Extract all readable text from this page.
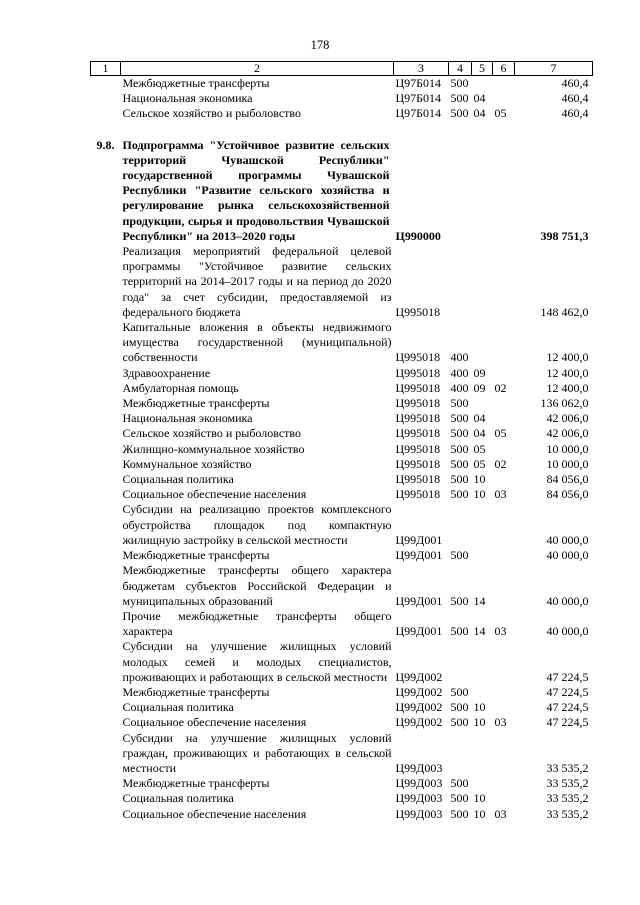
178
1	2	3	4	5	6	7
	Межбюджетные трансферты	Ц97Б014	500			460,4
	Национальная экономика	Ц97Б014	500	04		460,4
	Сельское хозяйство и рыболовство	Ц97Б014	500	04	05	460,4

9.8.	Подпрограмма "Устойчивое развитие сельских территорий Чувашской Республики" государственной программы Чувашской Республики "Развитие сельского хозяйства и регулирование рынка сельскохозяйственной продукции, сырья и продовольствия Чувашской Республики" на 2013–2020 годы	Ц990000				398 751,3
	Реализация мероприятий федеральной целевой программы "Устойчивое развитие сельских территорий на 2014–2017 годы и на период до 2020 года" за счет субсидии, предоставляемой из федерального бюджета	Ц995018				148 462,0
	Капитальные вложения в объекты недвижимого имущества государственной (муниципальной) собственности	Ц995018	400			12 400,0
	Здравоохранение	Ц995018	400	09		12 400,0
	Амбулаторная помощь	Ц995018	400	09	02	12 400,0
	Межбюджетные трансферты	Ц995018	500			136 062,0
	Национальная экономика	Ц995018	500	04		42 006,0
	Сельское хозяйство и рыболовство	Ц995018	500	04	05	42 006,0
	Жилищно-коммунальное хозяйство	Ц995018	500	05		10 000,0
	Коммунальное хозяйство	Ц995018	500	05	02	10 000,0
	Социальная политика	Ц995018	500	10		84 056,0
	Социальное обеспечение населения	Ц995018	500	10	03	84 056,0
	Субсидии на реализацию проектов комплексного обустройства площадок под компактную жилищную застройку в сельской местности	Ц99Д001				40 000,0
	Межбюджетные трансферты	Ц99Д001	500			40 000,0
	Межбюджетные трансферты общего характера бюджетам субъектов Российской Федерации и муниципальных образований	Ц99Д001	500	14		40 000,0
	Прочие межбюджетные трансферты общего характера	Ц99Д001	500	14	03	40 000,0
	Субсидии на улучшение жилищных условий молодых семей и молодых специалистов, проживающих и работающих в сельской местности	Ц99Д002				47 224,5
	Межбюджетные трансферты	Ц99Д002	500			47 224,5
	Социальная политика	Ц99Д002	500	10		47 224,5
	Социальное обеспечение населения	Ц99Д002	500	10	03	47 224,5
	Субсидии на улучшение жилищных условий граждан, проживающих и работающих в сельской местности	Ц99Д003				33 535,2
	Межбюджетные трансферты	Ц99Д003	500			33 535,2
	Социальная политика	Ц99Д003	500	10		33 535,2
	Социальное обеспечение населения	Ц99Д003	500	10	03	33 535,2
